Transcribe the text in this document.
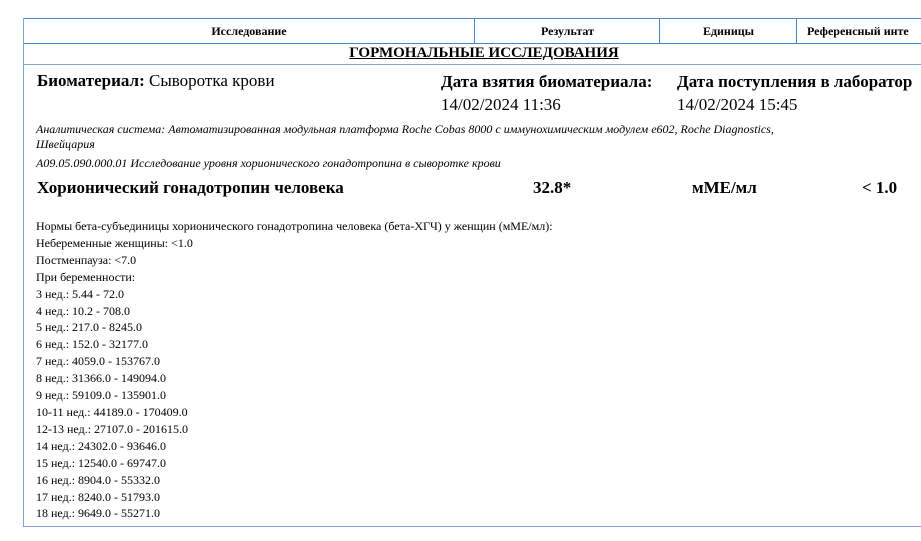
Исследование	Результат	Единицы	Референсный инте
ГОРМОНАЛЬНЫЕ ИССЛЕДОВАНИЯ
Биоматериал: Сыворотка крови	Дата взятия биоматериала:
14/02/2024 11:36
Дата поступления в лаборатор
14/02/2024 15:45
Аналитическая система: Автоматизированная модульная платформа Roche Cobas 8000 с иммунохимическим модулем e602, Roche Diagnostics,
Швейцария
A09.05.090.000.01 Исследование уровня хорионического гонадотропина в сыворотке крови
Хорионический гонадотропин человека	32.8*	мМЕ/мл	< 1.0
Нормы бета-субъединицы хорионического гонадотропина человека (бета-ХГЧ) у женщин (мМЕ/мл):
Небеременные женщины: <1.0
Постменпауза: <7.0
При беременности:
3 нед.: 5.44 - 72.0
4 нед.: 10.2 - 708.0
5 нед.: 217.0 - 8245.0
6 нед.: 152.0 - 32177.0
7 нед.: 4059.0 - 153767.0
8 нед.: 31366.0 - 149094.0
9 нед.: 59109.0 - 135901.0
10-11 нед.: 44189.0 - 170409.0
12-13 нед.: 27107.0 - 201615.0
14 нед.: 24302.0 - 93646.0
15 нед.: 12540.0 - 69747.0
16 нед.: 8904.0 - 55332.0
17 нед.: 8240.0 - 51793.0
18 нед.: 9649.0 - 55271.0
